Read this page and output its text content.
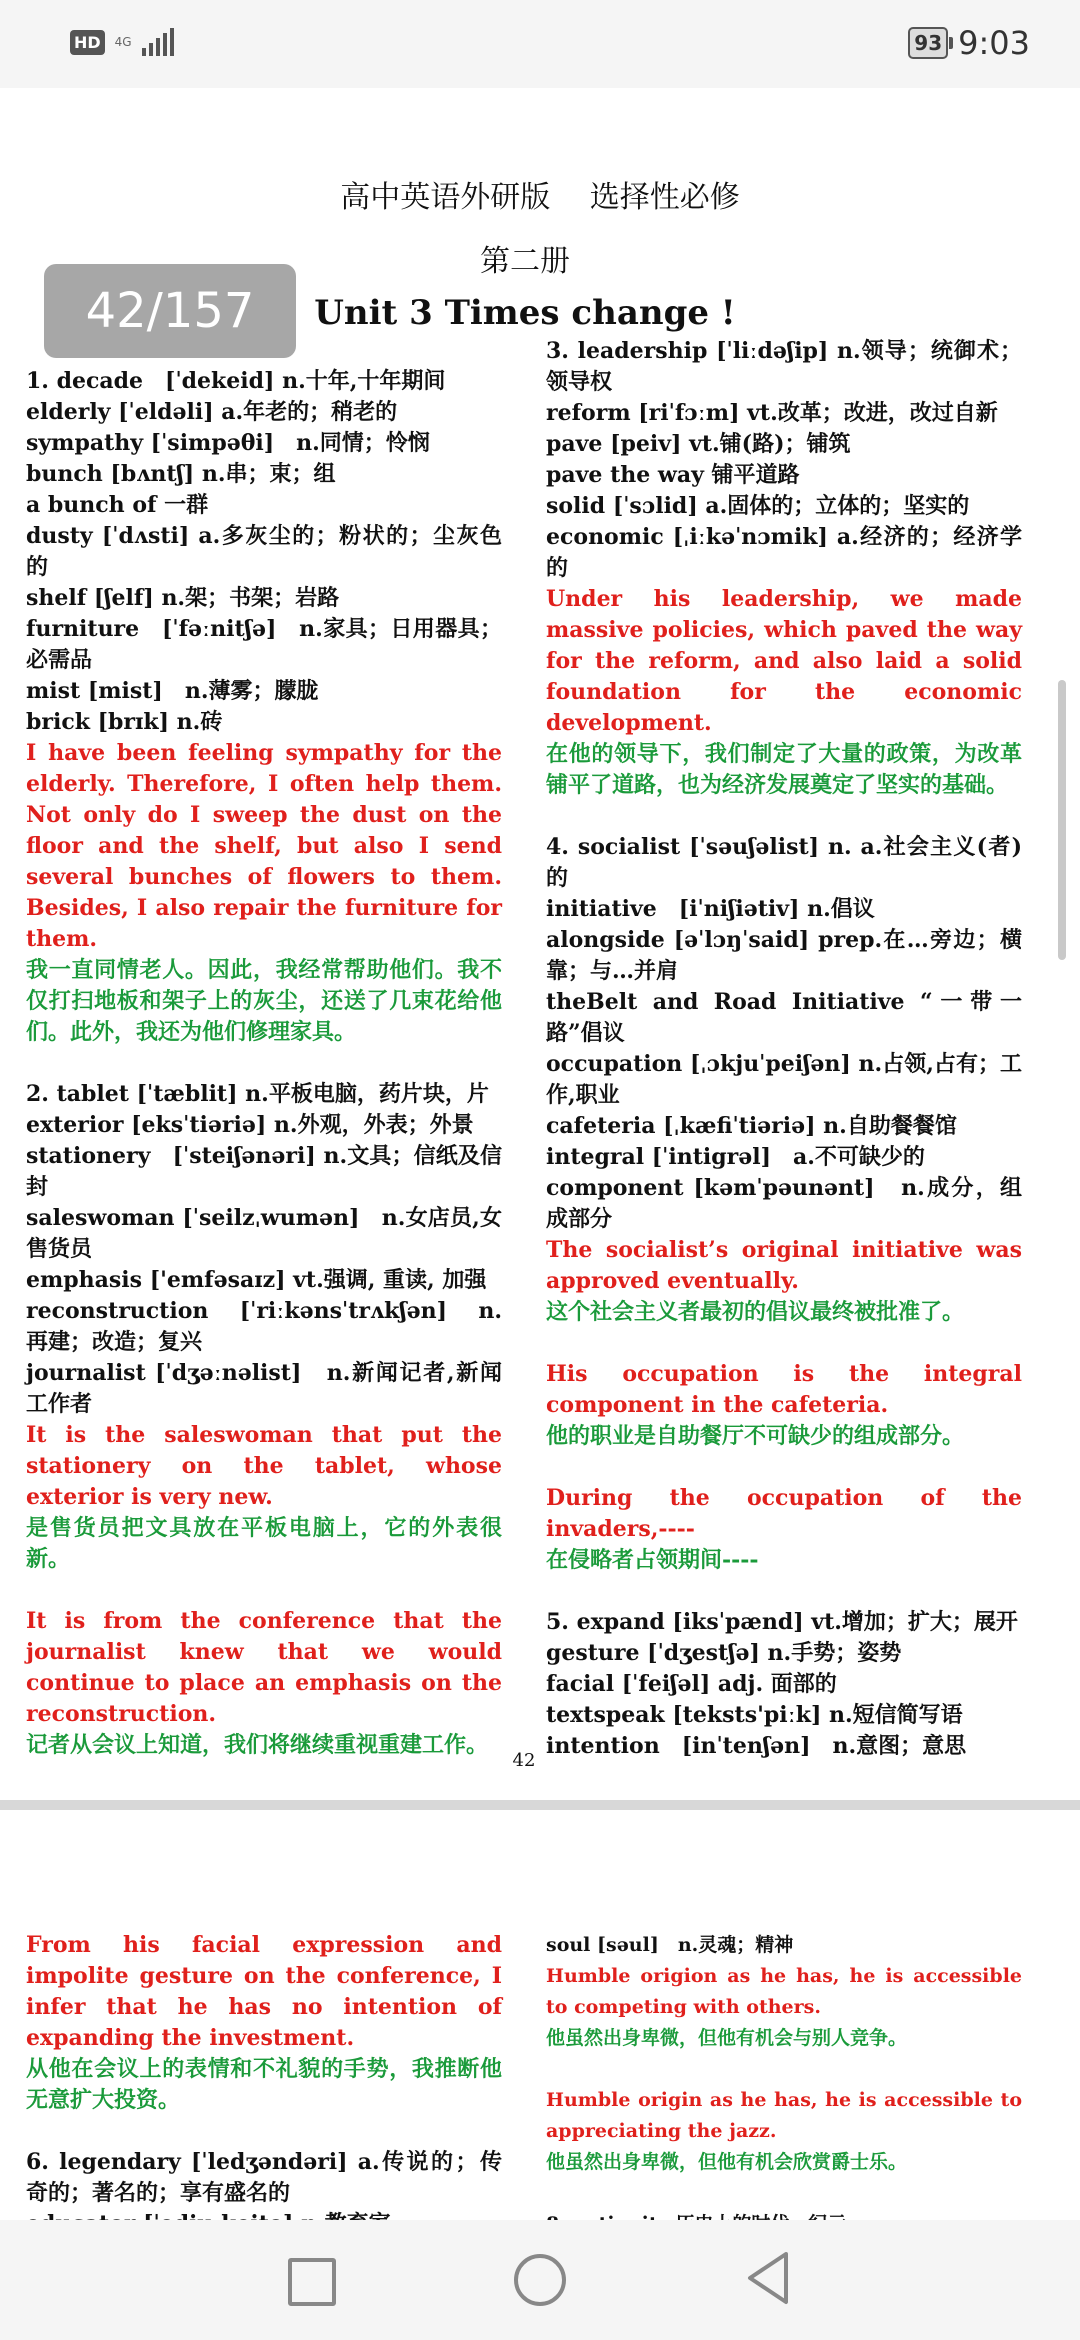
HD	4G	93 9:03
高中英语外研版　 选择性必修
第二册
Unit 3 Times change !
42/157
1. decade　[ˈdekeid] n.十年,十年期间
elderly [ˈeldəli] a.年老的；稍老的
sympathy [ˈsimpəθi]　n.同情；怜悯
bunch [bʌntʃ] n.串；束；组
a bunch of 一群
dusty [ˈdʌsti] a.多灰尘的；粉状的；尘灰色的
shelf [ʃelf] n.架；书架；岩路
furniture　[ˈfəːnitʃə]　n.家具；日用器具；必需品
mist [mist]　n.薄雾；朦胧
brick [brɪk] n.砖
I have been feeling sympathy for the elderly. Therefore, I often help them. Not only do I sweep the dust on the floor and the shelf, but also I send several bunches of flowers to them. Besides, I also repair the furniture for them.
我一直同情老人。因此，我经常帮助他们。我不仅打扫地板和架子上的灰尘，还送了几束花给他们。此外，我还为他们修理家具。
2. tablet [ˈtæblit] n.平板电脑，药片块，片
exterior [eksˈtiəriə] n.外观，外表；外景
stationery　[ˈsteiʃənəri] n.文具；信纸及信封
saleswoman [ˈseilzˌwumən]　n.女店员,女售货员
emphasis ['emfəsaɪz] vt.强调, 重读, 加强
reconstruction　[ˈriːkənsˈtrʌkʃən]　n.再建；改造；复兴
journalist [ˈdʒəːnəlist]　n.新闻记者,新闻工作者
It is the saleswoman that put the stationery on the tablet, whose exterior is very new.
是售货员把文具放在平板电脑上，它的外表很新。
It is from the conference that the journalist knew that we would continue to place an emphasis on the reconstruction.
记者从会议上知道，我们将继续重视重建工作。
3. leadership [ˈliːdəʃip] n.领导；统御术；领导权
reform [riˈfɔːm] vt.改革；改进，改过自新
pave [peiv] vt.铺(路)；铺筑
pave the way 铺平道路
solid [ˈsɔlid] a.固体的；立体的；坚实的
economic [ˌiːkəˈnɔmik] a.经济的；经济学的
Under his leadership, we made massive policies, which paved the way for the reform, and also laid a solid foundation for the economic development.
在他的领导下，我们制定了大量的政策，为改革铺平了道路，也为经济发展奠定了坚实的基础。
4. socialist [ˈsəuʃəlist] n. a.社会主义(者)的
initiative　[iˈniʃiətiv] n.倡议
alongside [əˈlɔŋˈsaid] prep.在…旁边；横靠；与…并肩
theBelt and Road Initiative “一带一路”倡议
occupation [ˌɔkjuˈpeiʃən] n.占领,占有；工作,职业
cafeteria [ˌkæfiˈtiəriə] n.自助餐餐馆
integral [ˈintigrəl]　a.不可缺少的
component [kəmˈpəunənt]　n.成分，组成部分
The socialist’s original initiative was approved eventually.
这个社会主义者最初的倡议最终被批准了。
His occupation is the integral component in the cafeteria.
他的职业是自助餐厅不可缺少的组成部分。
During the occupation of the invaders,----
在侵略者占领期间----
5. expand [iksˈpænd] vt.增加；扩大；展开
gesture [ˈdʒestʃə] n.手势；姿势
facial [ˈfeiʃəl] adj. 面部的
textspeak [teksts'piːk] n.短信简写语
intention　[inˈtenʃən]　n.意图；意思
42
From his facial expression and impolite gesture on the conference, I infer that he has no intention of expanding the investment.
从他在会议上的表情和不礼貌的手势，我推断他无意扩大投资。
6. legendary [ˈledʒəndəri] a.传说的；传奇的；著名的；享有盛名的
soul [səul]　n.灵魂；精神
Humble origion as he has, he is accessible to competing with others.
他虽然出身卑微，但他有机会与别人竞争。
Humble origin as he has, he is accessible to appreciating the jazz.
他虽然出身卑微，但他有机会欣赏爵士乐。
